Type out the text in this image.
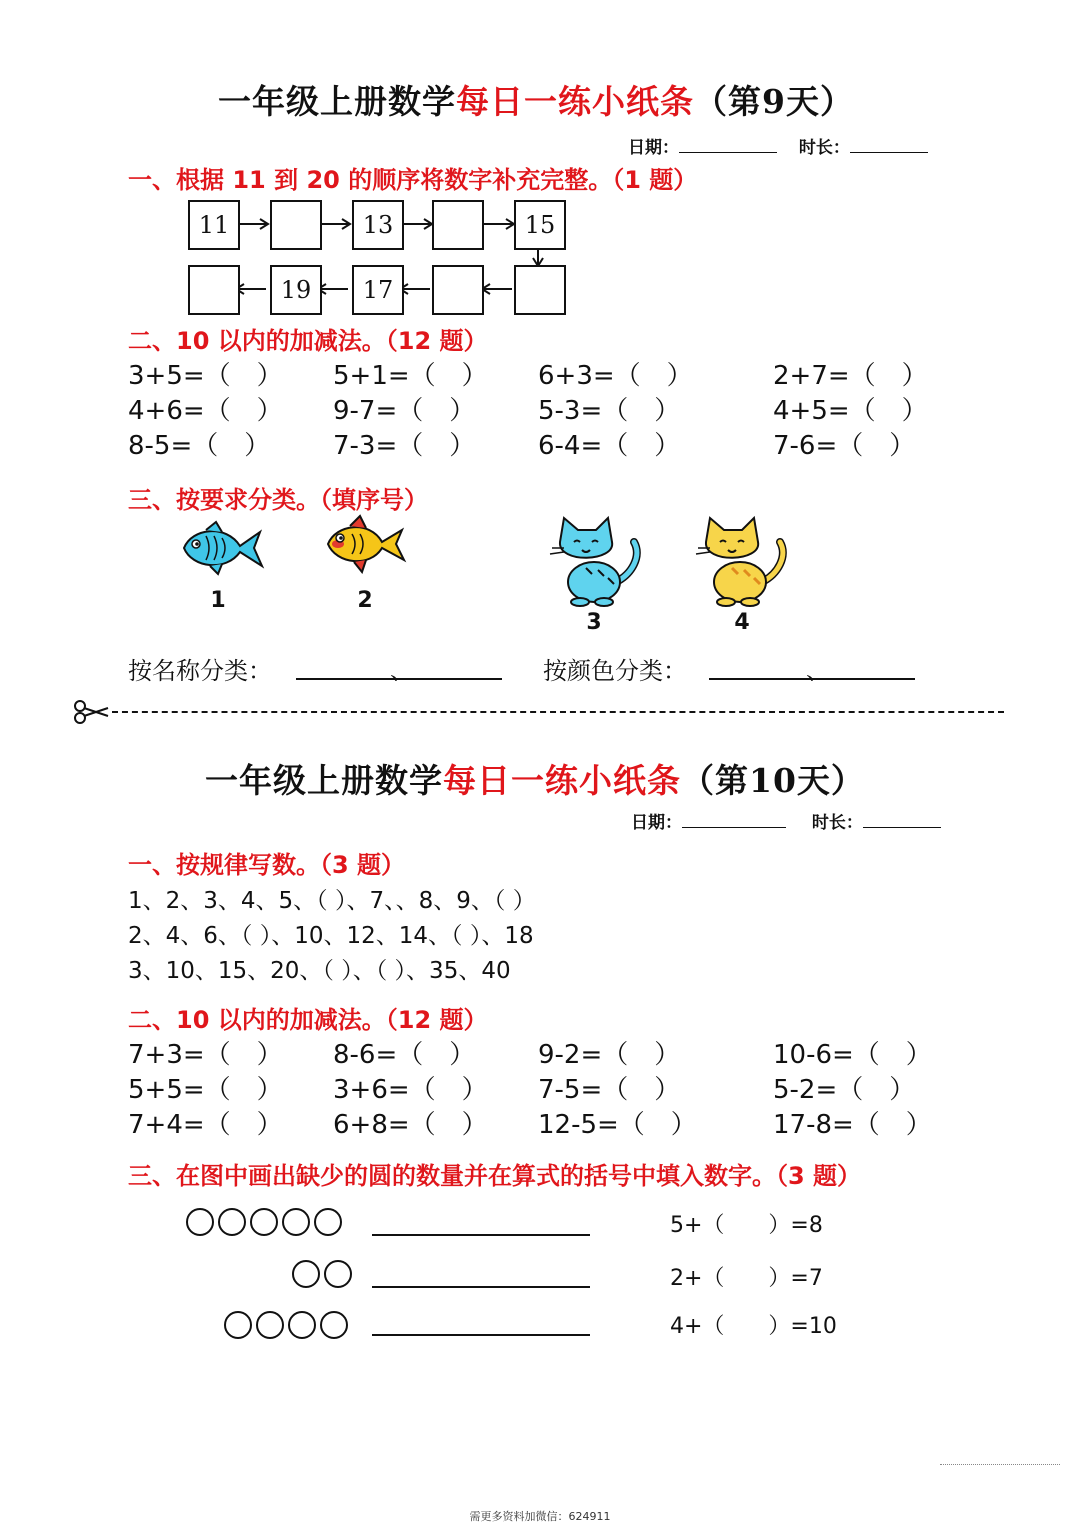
一年级上册数学每日一练小纸条（第9天）
日期：	时长：
一、根据 11 到 20 的顺序将数字补充完整。（1 题）
11	13	15
19	17
二、10 以内的加减法。（12 题）
3+5=（　） 5+1=（　） 6+3=（　）	2+7=（　）
4+6=（　） 9-7=（　） 5-3=（　）	4+5=（　）
8-5=（　） 7-3=（　） 6-4=（　）	7-6=（　）
三、按要求分类。（填序号）
1	2
3	4
按名称分类：	、	按颜色分类：	、
一年级上册数学每日一练小纸条（第10天）
日期：	时长：
一、按规律写数。（3 题）
1、2、3、4、5、（ ）、7、、8、9、（ ）
2、4、6、（ ）、10、12、14、（ ）、18
3、10、15、20、（ ）、（ ）、35、40
二、10 以内的加减法。（12 题）
7+3=（　） 8-6=（　） 9-2=（　）	10-6=（　）
5+5=（　） 3+6=（　） 7-5=（　）	5-2=（　）
7+4=（　） 6+8=（　） 12-5=（　）	17-8=（　）
三、在图中画出缺少的圆的数量并在算式的括号中填入数字。（3 题）
5+（　　）=8
2+（　　）=7
4+（　　）=10
需更多资料加微信：624911
